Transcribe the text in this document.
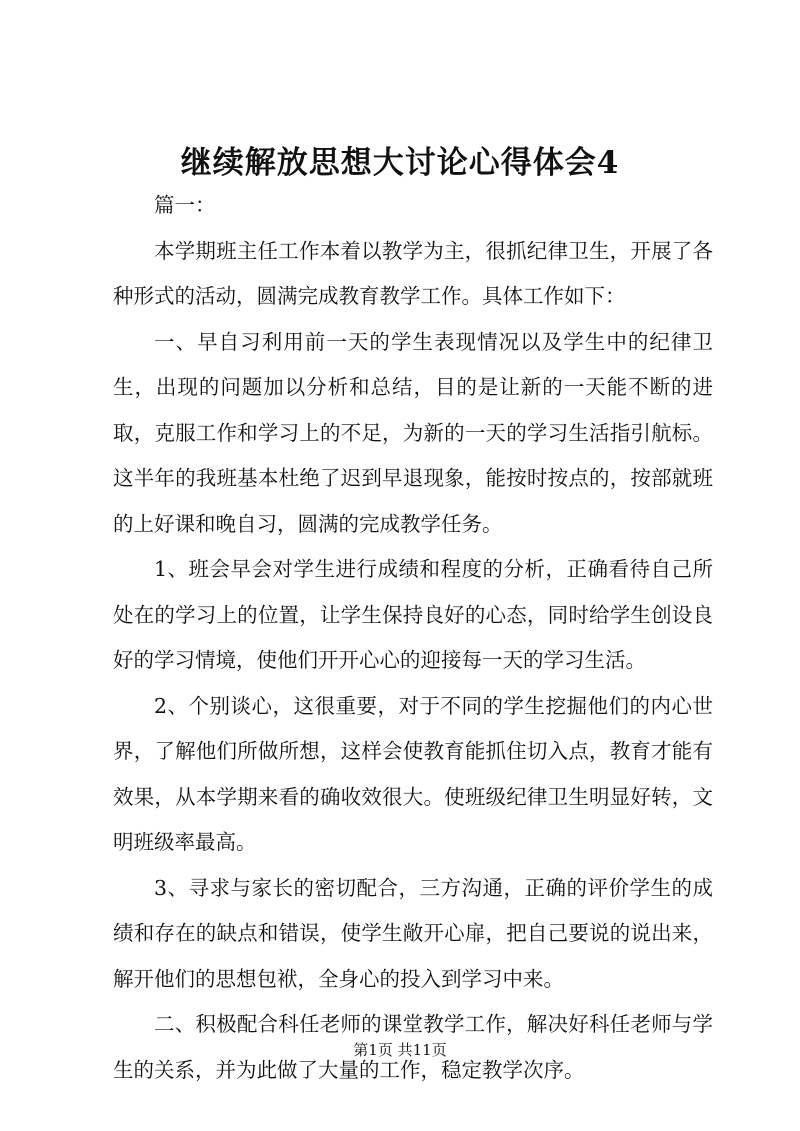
继续解放思想大讨论心得体会4

篇一：

本学期班主任工作本着以教学为主，很抓纪律卫生，开展了各种形式的活动，圆满完成教育教学工作。具体工作如下：

一、早自习利用前一天的学生表现情况以及学生中的纪律卫生，出现的问题加以分析和总结，目的是让新的一天能不断的进取，克服工作和学习上的不足，为新的一天的学习生活指引航标。这半年的我班基本杜绝了迟到早退现象，能按时按点的，按部就班的上好课和晚自习，圆满的完成教学任务。

1、班会早会对学生进行成绩和程度的分析，正确看待自己所处在的学习上的位置，让学生保持良好的心态，同时给学生创设良好的学习情境，使他们开开心心的迎接每一天的学习生活。

2、个别谈心，这很重要，对于不同的学生挖掘他们的内心世界，了解他们所做所想，这样会使教育能抓住切入点，教育才能有效果，从本学期来看的确收效很大。使班级纪律卫生明显好转，文明班级率最高。

3、寻求与家长的密切配合，三方沟通，正确的评价学生的成绩和存在的缺点和错误，使学生敞开心扉，把自己要说的说出来，解开他们的思想包袱，全身心的投入到学习中来。

二、积极配合科任老师的课堂教学工作，解决好科任老师与学生的关系，并为此做了大量的工作，稳定教学次序。

第1页 共11页
